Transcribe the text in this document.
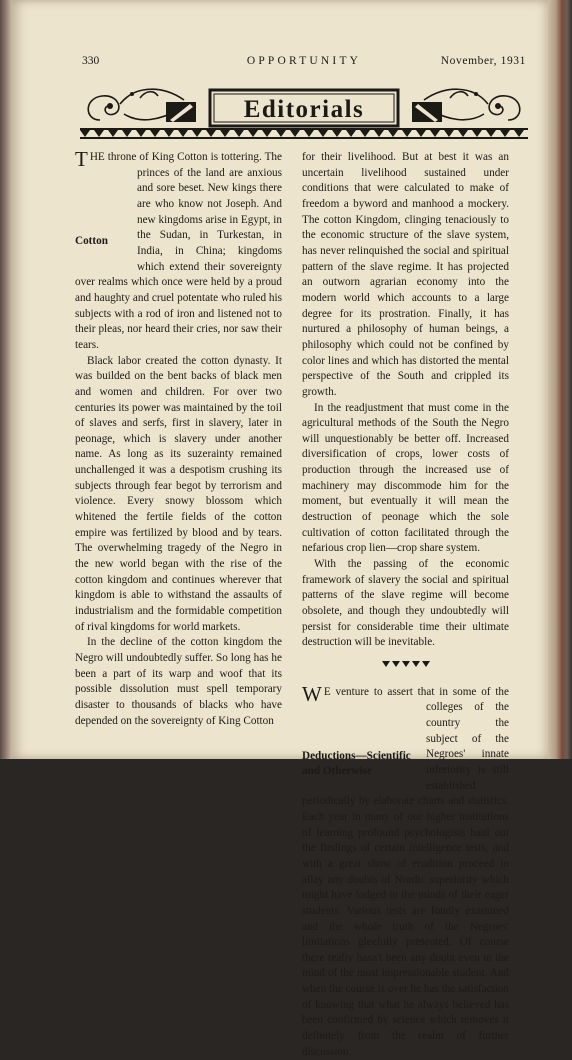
330	OPPORTUNITY	November, 1931
Editorials

T
Cotton
HE throne of King Cotton is tottering. The princes of the land are anxious and sore beset. New kings there are who know not Joseph. And new kingdoms arise in Egypt, in the Sudan, in Turkestan, in India, in China; kingdoms which extend their sovereignty over realms which once were held by a proud and haughty and cruel potentate who ruled his subjects with a rod of iron and listened not to their pleas, nor heard their cries, nor saw their tears.

Black labor created the cotton dynasty. It was builded on the bent backs of black men and women and children. For over two centuries its power was maintained by the toil of slaves and serfs, first in slavery, later in peonage, which is slavery under another name. As long as its suzerainty remained unchallenged it was a despotism crushing its subjects through fear begot by terrorism and violence. Every snowy blossom which whitened the fertile fields of the cotton empire was fertilized by blood and by tears. The overwhelming tragedy of the Negro in the new world began with the rise of the cotton kingdom and continues wherever that kingdom is able to withstand the assaults of industrialism and the formidable competition of rival kingdoms for world markets.

In the decline of the cotton kingdom the Negro will undoubtedly suffer. So long has he been a part of its warp and woof that its possible dissolution must spell temporary disaster to thousands of blacks who have depended on the sovereignty of King Cotton

for their livelihood. But at best it was an uncertain livelihood sustained under conditions that were calculated to make of freedom a byword and manhood a mockery. The cotton Kingdom, clinging tenaciously to the economic structure of the slave system, has never relinquished the social and spiritual pattern of the slave regime. It has projected an outworn agrarian economy into the modern world which accounts to a large degree for its prostration. Finally, it has nurtured a philosophy of human beings, a philosophy which could not be confined by color lines and which has distorted the mental perspective of the South and crippled its growth.

In the readjustment that must come in the agricultural methods of the South the Negro will unquestionably be better off. Increased diversification of crops, lower costs of production through the increased use of machinery may discommode him for the moment, but eventually it will mean the destruction of peonage which the sole cultivation of cotton facilitated through the nefarious crop lien—crop share system.

With the passing of the economic framework of slavery the social and spiritual patterns of the slave regime will become obsolete, and though they undoubtedly will persist for considerable time their ultimate destruction will be inevitable.

W
Deductions—Scientific and Otherwise
E venture to assert that in some of the colleges of the country the subject of the Negroes' innate inferiority is still established periodically by elaborate charts and statistics. Each year in many of our higher institutions of learning profound psychologists haul out the findings of certain intelligence tests, and with a great show of erudition proceed to allay any doubts of Nordic superiority which might have lodged in the minds of their eager students. Various tests are fondly examined and the whole truth of the Negroes' limitations gleefully presented. Of course there really hasn't been any doubt even in the mind of the most impressionable student. And when the course is over he has the satisfaction of knowing that what he always believed has been confirmed by science which removes it definitely from the realm of further discussion.
